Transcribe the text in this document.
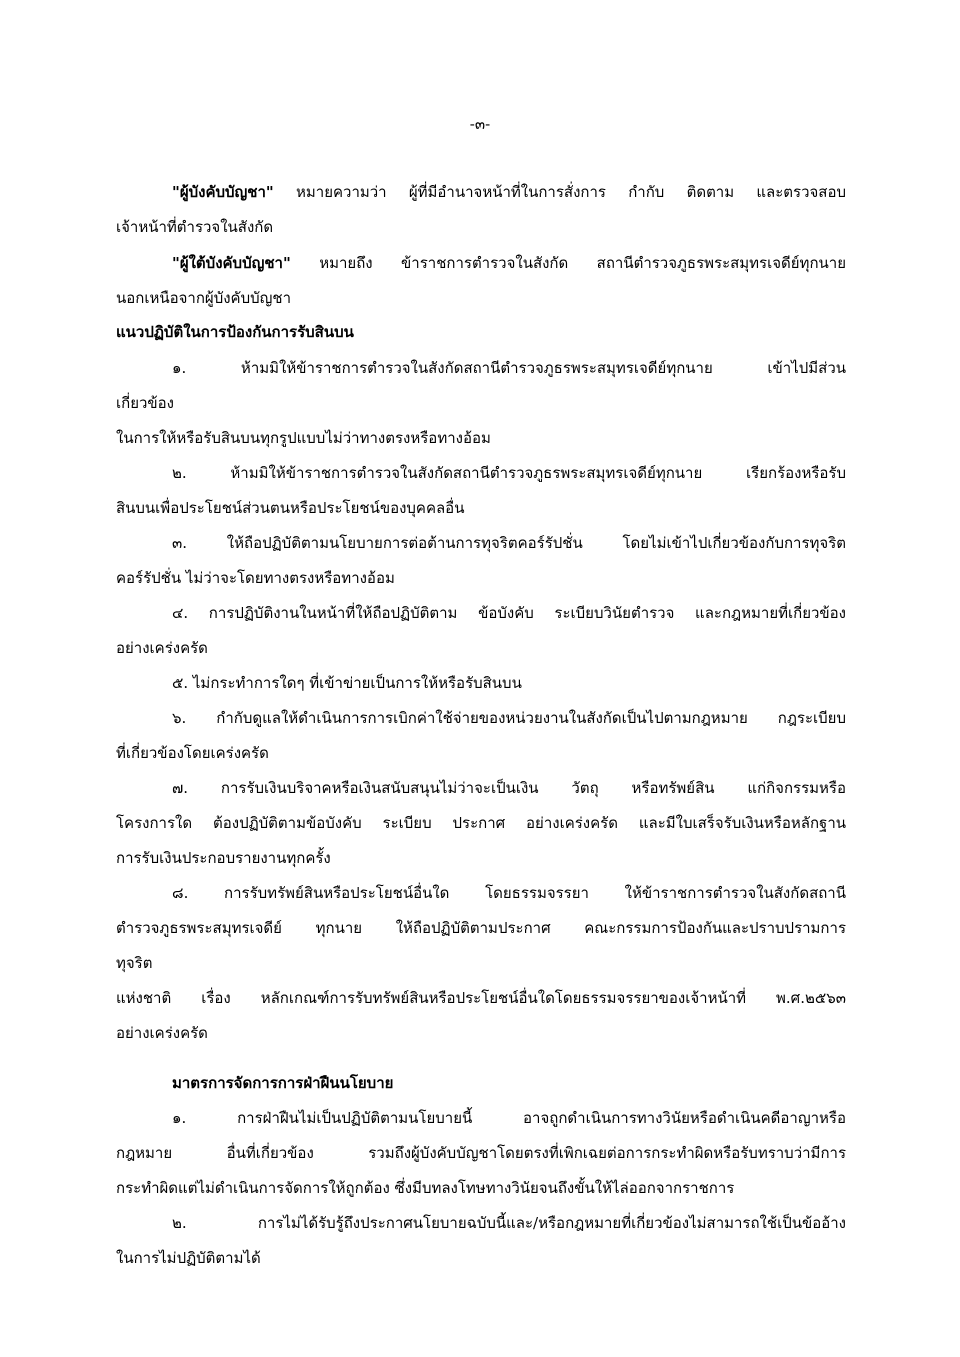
-๓-
"ผู้บังคับบัญชา" หมายความว่า ผู้ที่มีอำนาจหน้าที่ในการสั่งการ กำกับ ติดตาม และตรวจสอบ
เจ้าหน้าที่ตำรวจในสังกัด
"ผู้ใต้บังคับบัญชา" หมายถึง ข้าราชการตำรวจในสังกัด สถานีตำรวจภูธรพระสมุทรเจดีย์ทุกนาย
นอกเหนือจากผู้บังคับบัญชา
แนวปฏิบัติในการป้องกันการรับสินบน
๑. ห้ามมิให้ข้าราชการตำรวจในสังกัดสถานีตำรวจภูธรพระสมุทรเจดีย์ทุกนาย เข้าไปมีส่วน
เกี่ยวข้อง
ในการให้หรือรับสินบนทุกรูปแบบไม่ว่าทางตรงหรือทางอ้อม
๒. ห้ามมิให้ข้าราชการตำรวจในสังกัดสถานีตำรวจภูธรพระสมุทรเจดีย์ทุกนาย เรียกร้องหรือรับ
สินบนเพื่อประโยชน์ส่วนตนหรือประโยชน์ของบุคคลอื่น
๓. ให้ถือปฏิบัติตามนโยบายการต่อต้านการทุจริตคอร์รัปชั่น โดยไม่เข้าไปเกี่ยวข้องกับการทุจริต
คอร์รัปชั่น ไม่ว่าจะโดยทางตรงหรือทางอ้อม
๔. การปฏิบัติงานในหน้าที่ให้ถือปฏิบัติตาม ข้อบังคับ ระเบียบวินัยตำรวจ และกฎหมายที่เกี่ยวข้อง
อย่างเคร่งครัด
๕. ไม่กระทำการใดๆ ที่เข้าข่ายเป็นการให้หรือรับสินบน
๖. กำกับดูแลให้ดำเนินการการเบิกค่าใช้จ่ายของหน่วยงานในสังกัดเป็นไปตามกฎหมาย กฎระเบียบ
ที่เกี่ยวข้องโดยเคร่งครัด
๗. การรับเงินบริจาคหรือเงินสนับสนุนไม่ว่าจะเป็นเงิน วัตถุ หรือทรัพย์สิน แก่กิจกรรมหรือ
โครงการใด ต้องปฏิบัติตามข้อบังคับ ระเบียบ ประกาศ อย่างเคร่งครัด และมีใบเสร็จรับเงินหรือหลักฐาน
การรับเงินประกอบรายงานทุกครั้ง
๘. การรับทรัพย์สินหรือประโยชน์อื่นใด โดยธรรมจรรยา ให้ข้าราชการตำรวจในสังกัดสถานี
ตำรวจภูธรพระสมุทรเจดีย์ ทุกนาย ให้ถือปฏิบัติตามประกาศ คณะกรรมการป้องกันและปราบปรามการ
ทุจริต
แห่งชาติ เรื่อง หลักเกณฑ์การรับทรัพย์สินหรือประโยชน์อื่นใดโดยธรรมจรรยาของเจ้าหน้าที่ พ.ศ.๒๕๖๓
อย่างเคร่งครัด
มาตรการจัดการการฝ่าฝืนนโยบาย
๑. การฝ่าฝืนไม่เป็นปฏิบัติตามนโยบายนี้ อาจถูกดำเนินการทางวินัยหรือดำเนินคดีอาญาหรือ
กฎหมาย อื่นที่เกี่ยวข้อง รวมถึงผู้บังคับบัญชาโดยตรงที่เพิกเฉยต่อการกระทำผิดหรือรับทราบว่ามีการ
กระทำผิดแต่ไม่ดำเนินการจัดการให้ถูกต้อง ซึ่งมีบทลงโทษทางวินัยจนถึงขั้นให้ไล่ออกจากราชการ
๒. การไม่ได้รับรู้ถึงประกาศนโยบายฉบับนี้และ/หรือกฎหมายที่เกี่ยวข้องไม่สามารถใช้เป็นข้ออ้าง
ในการไม่ปฏิบัติตามได้
